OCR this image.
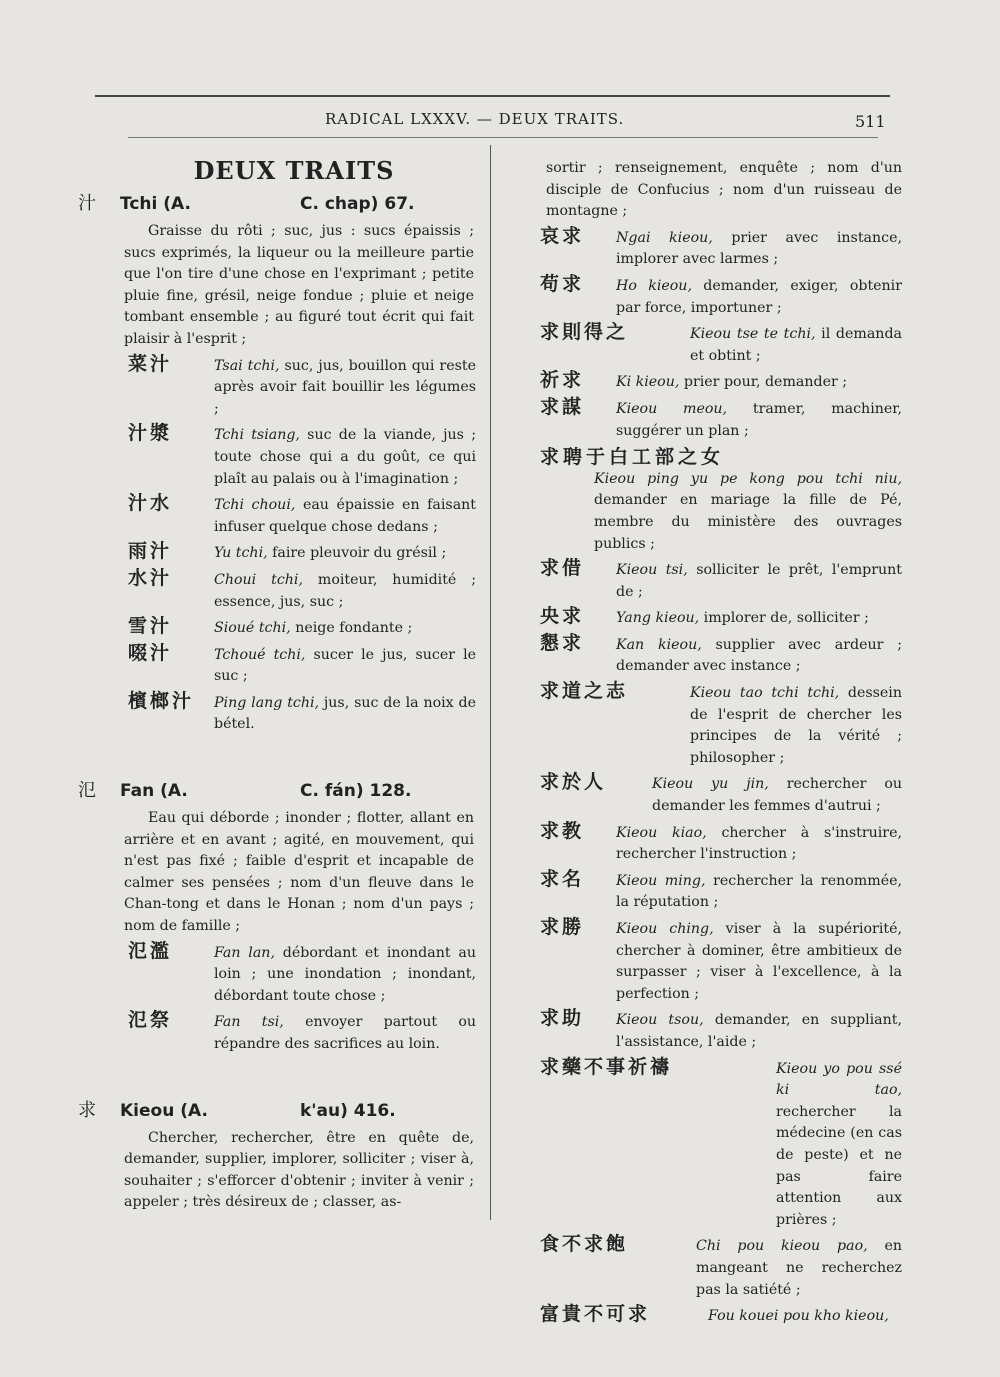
RADICAL LXXXV. — DEUX TRAITS.	511
DEUX TRAITS
汁	Tchi (A.	C. chap) 67.
Graisse du rôti ; suc, jus : sucs épaissis ; sucs exprimés, la liqueur ou la meilleure partie que l'on tire d'une chose en l'exprimant ; petite pluie fine, grésil, neige fondue ; pluie et neige tombant ensemble ; au figuré tout écrit qui fait plaisir à l'esprit ;
菜汁	Tsai tchi, suc, jus, bouillon qui reste après avoir fait bouillir les légumes ;
汁漿	Tchi tsiang, suc de la viande, jus ; toute chose qui a du goût, ce qui plaît au palais ou à l'imagination ;
汁水	Tchi choui, eau épaissie en faisant infuser quelque chose dedans ;
雨汁	Yu tchi, faire pleuvoir du grésil ;
水汁	Choui tchi, moiteur, humidité ; essence, jus, suc ;
雪汁	Sioué tchi, neige fondante ;
啜汁	Tchoué tchi, sucer le jus, sucer le suc ;
檳榔汁	Ping lang tchi, jus, suc de la noix de bétel.
氾	Fan (A.	C. fán) 128.
Eau qui déborde ; inonder ; flotter, allant en arrière et en avant ; agité, en mouvement, qui n'est pas fixé ; faible d'esprit et incapable de calmer ses pensées ; nom d'un fleuve dans le Chan-tong et dans le Honan ; nom d'un pays ; nom de famille ;
氾濫	Fan lan, débordant et inondant au loin ; une inondation ; inondant, débordant toute chose ;
氾祭	Fan tsi, envoyer partout ou répandre des sacrifices au loin.
求	Kieou (A.	k'au) 416.
Chercher, rechercher, être en quête de, demander, supplier, implorer, solliciter ; viser à, souhaiter ; s'efforcer d'obtenir ; inviter à venir ; appeler ; très désireux de ; classer, as-
sortir ; renseignement, enquête ; nom d'un disciple de Confucius ; nom d'un ruisseau de montagne ;
哀求	Ngai kieou, prier avec instance, implorer avec larmes ;
苟求	Ho kieou, demander, exiger, obtenir par force, importuner ;
求則得之	Kieou tse te tchi, il demanda et obtint ;
祈求	Ki kieou, prier pour, demander ;
求謀	Kieou meou, tramer, machiner, suggérer un plan ;
求聘于白工部之女
Kieou ping yu pe kong pou tchi niu, demander en mariage la fille de Pé, membre du ministère des ouvrages publics ;
求借	Kieou tsi, solliciter le prêt, l'emprunt de ;
央求	Yang kieou, implorer de, solliciter ;
懇求	Kan kieou, supplier avec ardeur ; demander avec instance ;
求道之志	Kieou tao tchi tchi, dessein de l'esprit de chercher les principes de la vérité ; philosopher ;
求於人	Kieou yu jin, rechercher ou demander les femmes d'autrui ;
求教	Kieou kiao, chercher à s'instruire, rechercher l'instruction ;
求名	Kieou ming, rechercher la renommée, la réputation ;
求勝	Kieou ching, viser à la supériorité, chercher à dominer, être ambitieux de surpasser ; viser à l'excellence, à la perfection ;
求助	Kieou tsou, demander, en suppliant, l'assistance, l'aide ;
求藥不事祈禱	Kieou yo pou ssé ki tao, rechercher la médecine (en cas de peste) et ne pas faire attention aux prières ;
食不求飽	Chi pou kieou pao, en mangeant ne recherchez pas la satiété ;
富貴不可求	Fou kouei pou kho kieou,
